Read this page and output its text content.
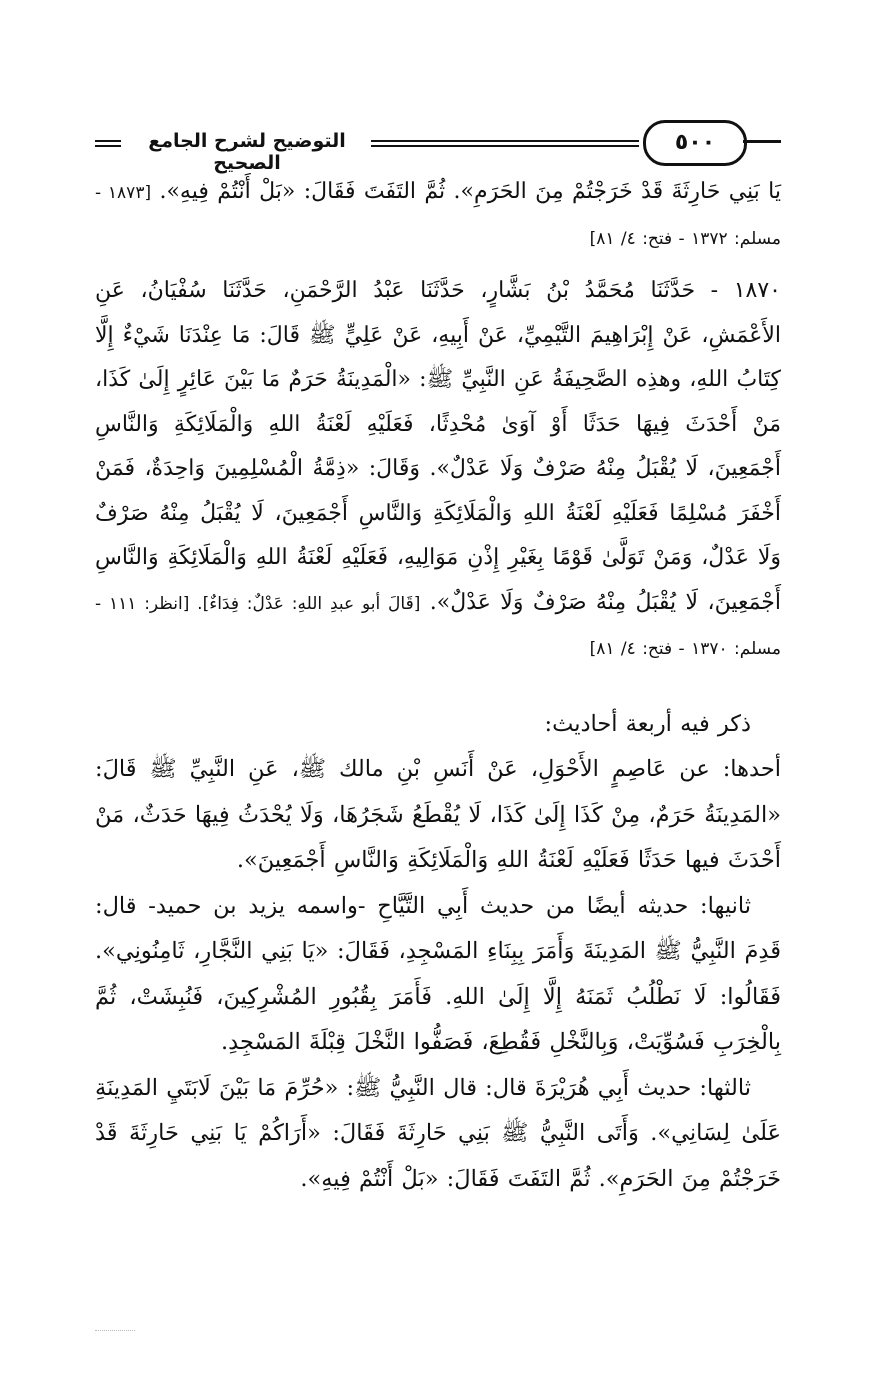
التوضيح لشرح الجامع الصحيح
٥٠٠

يَا بَنِي حَارِثَةَ قَدْ خَرَجْتُمْ مِنَ الحَرَمِ». ثُمَّ التَفَتَ فَقَالَ: «بَلْ أَنْتُمْ فِيهِ». [١٨٧٣ - مسلم: ١٣٧٢ - فتح: ٤/ ٨١]

١٨٧٠ - حَدَّثَنَا مُحَمَّدُ بْنُ بَشَّارٍ، حَدَّثَنَا عَبْدُ الرَّحْمَنِ، حَدَّثَنَا سُفْيَانُ، عَنِ الأَعْمَشِ، عَنْ إِبْرَاهِيمَ التَّيْمِيِّ، عَنْ أَبِيهِ، عَنْ عَلِيٍّ ﷺ قَالَ: مَا عِنْدَنَا شَيْءٌ إِلَّا كِتَابُ اللهِ، وهذِه الصَّحِيفَةُ عَنِ النَّبِيِّ ﷺ: «الْمَدِينَةُ حَرَمٌ مَا بَيْنَ عَائِرٍ إِلَىٰ كَذَا، مَنْ أَحْدَثَ فِيهَا حَدَثًا أَوْ آوَىٰ مُحْدِثًا، فَعَلَيْهِ لَعْنَةُ اللهِ وَالْمَلَائِكَةِ وَالنَّاسِ أَجْمَعِينَ، لَا يُقْبَلُ مِنْهُ صَرْفٌ وَلَا عَدْلٌ». وَقَالَ: «ذِمَّةُ الْمُسْلِمِينَ وَاحِدَةٌ، فَمَنْ أَخْفَرَ مُسْلِمًا فَعَلَيْهِ لَعْنَةُ اللهِ وَالْمَلَائِكَةِ وَالنَّاسِ أَجْمَعِينَ، لَا يُقْبَلُ مِنْهُ صَرْفٌ وَلَا عَدْلٌ، وَمَنْ تَوَلَّىٰ قَوْمًا بِغَيْرِ إِذْنِ مَوَالِيهِ، فَعَلَيْهِ لَعْنَةُ اللهِ وَالْمَلَائِكَةِ وَالنَّاسِ أَجْمَعِينَ، لَا يُقْبَلُ مِنْهُ صَرْفٌ وَلَا عَدْلٌ». [قَالَ أبو عبدِ اللهِ: عَدْلٌ: فِدَاءٌ]. [انظر: ١١١ - مسلم: ١٣٧٠ - فتح: ٤/ ٨١]

ذكر فيه أربعة أحاديث:

أحدها: عن عَاصِمٍ الأَحْوَلِ، عَنْ أَنَسِ بْنِ مالك ﷺ، عَنِ النَّبِيِّ ﷺ قَالَ: «المَدِينَةُ حَرَمٌ، مِنْ كَذَا إِلَىٰ كَذَا، لَا يُقْطَعُ شَجَرُهَا، وَلَا يُحْدَثُ فِيهَا حَدَثٌ، مَنْ أَحْدَثَ فيها حَدَثًا فَعَلَيْهِ لَعْنَةُ اللهِ وَالْمَلَائِكَةِ وَالنَّاسِ أَجْمَعِينَ».

ثانيها: حديثه أيضًا من حديث أَبِي التَّيَّاحِ -واسمه يزيد بن حميد- قال: قَدِمَ النَّبِيُّ ﷺ المَدِينَةَ وَأَمَرَ بِبِنَاءِ المَسْجِدِ، فَقَالَ: «يَا بَنِي النَّجَّارِ، ثَامِنُونِي». فَقَالُوا: لَا نَطْلُبُ ثَمَنَهُ إِلَّا إِلَىٰ اللهِ. فَأَمَرَ بِقُبُورِ المُشْرِكِينَ، فَنُبِشَتْ، ثُمَّ بِالْخِرَبِ فَسُوِّيَتْ، وَبِالنَّخْلِ فَقُطِعَ، فَصَفُّوا النَّخْلَ قِبْلَةَ المَسْجِدِ.

ثالثها: حديث أَبِي هُرَيْرَةَ قال: قال النَّبِيُّ ﷺ: «حُرِّمَ مَا بَيْنَ لَابَتَيِ المَدِينَةِ عَلَىٰ لِسَانِي». وَأَتَى النَّبِيُّ ﷺ بَنِي حَارِثَةَ فَقَالَ: «أَرَاكُمْ يَا بَنِي حَارِثَةَ قَدْ خَرَجْتُمْ مِنَ الحَرَمِ». ثُمَّ التَفَتَ فَقَالَ: «بَلْ أَنْتُمْ فِيهِ».
